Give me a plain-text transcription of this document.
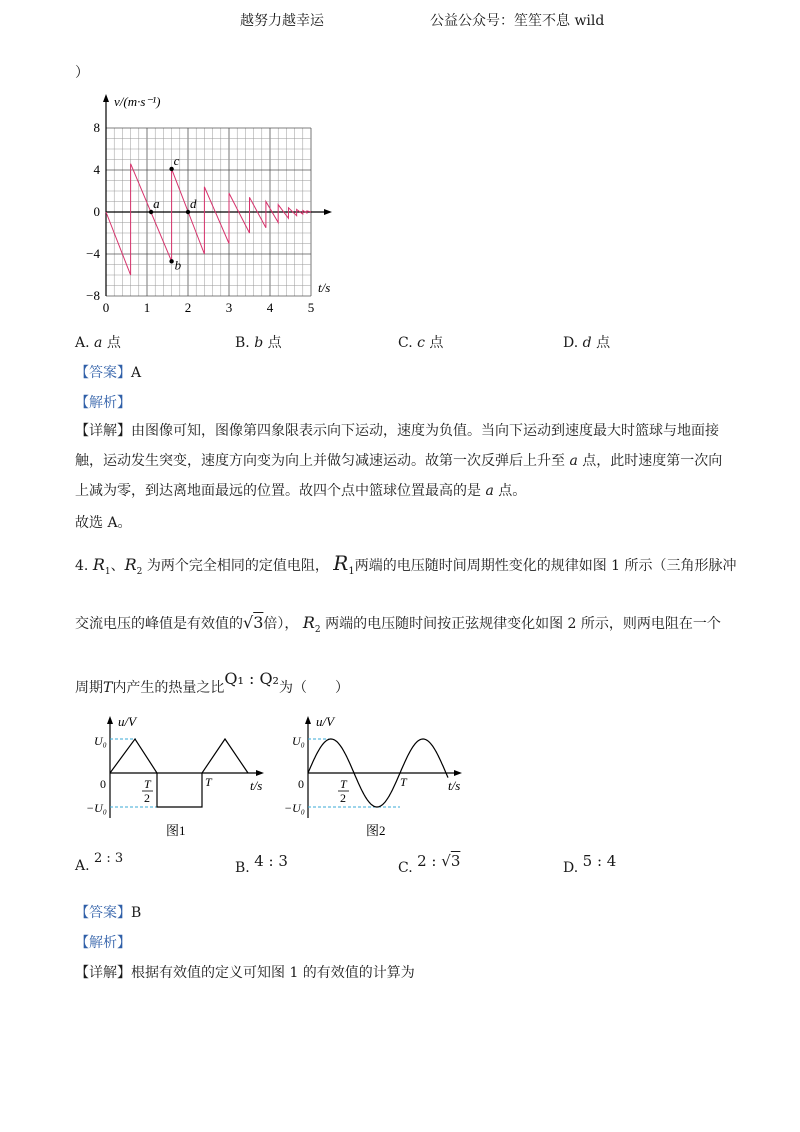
越努力越幸运	公益公众号：笙笙不息 wild
）
v/(m·s⁻¹)
t/s
8
4
0
−4
−8
0	1	2	3	4	5
a
b
c
d
A. a 点	B. b 点	C. c 点	D. d 点
【答案】A
【解析】
【详解】由图像可知，图像第四象限表示向下运动，速度为负值。当向下运动到速度最大时篮球与地面接
触，运动发生突变，速度方向变为向上并做匀减速运动。故第一次反弹后上升至 a 点，此时速度第一次向
上减为零，到达离地面最远的位置。故四个点中篮球位置最高的是 a 点。
故选 A。
4. $R_1$、$R_2$ 为两个完全相同的定值电阻， $R_1$两端的电压随时间周期性变化的规律如图 1 所示（三角形脉冲
交流电压的峰值是有效值的√3倍）， $R_2$ 两端的电压随时间按正弦规律变化如图 2 所示，则两电阻在一个
周期T内产生的热量之比Q₁ : Q₂为（　　）
u/V
t/s
U₀
−U₀
0	T
2
T
图1
u/V
t/s
U₀
−U₀
0	T
2
T
图2
A. 2 : 3
B. 4 : 3	C. 2 : √3	D. 5 : 4
【答案】B
【解析】
【详解】根据有效值的定义可知图 1 的有效值的计算为
